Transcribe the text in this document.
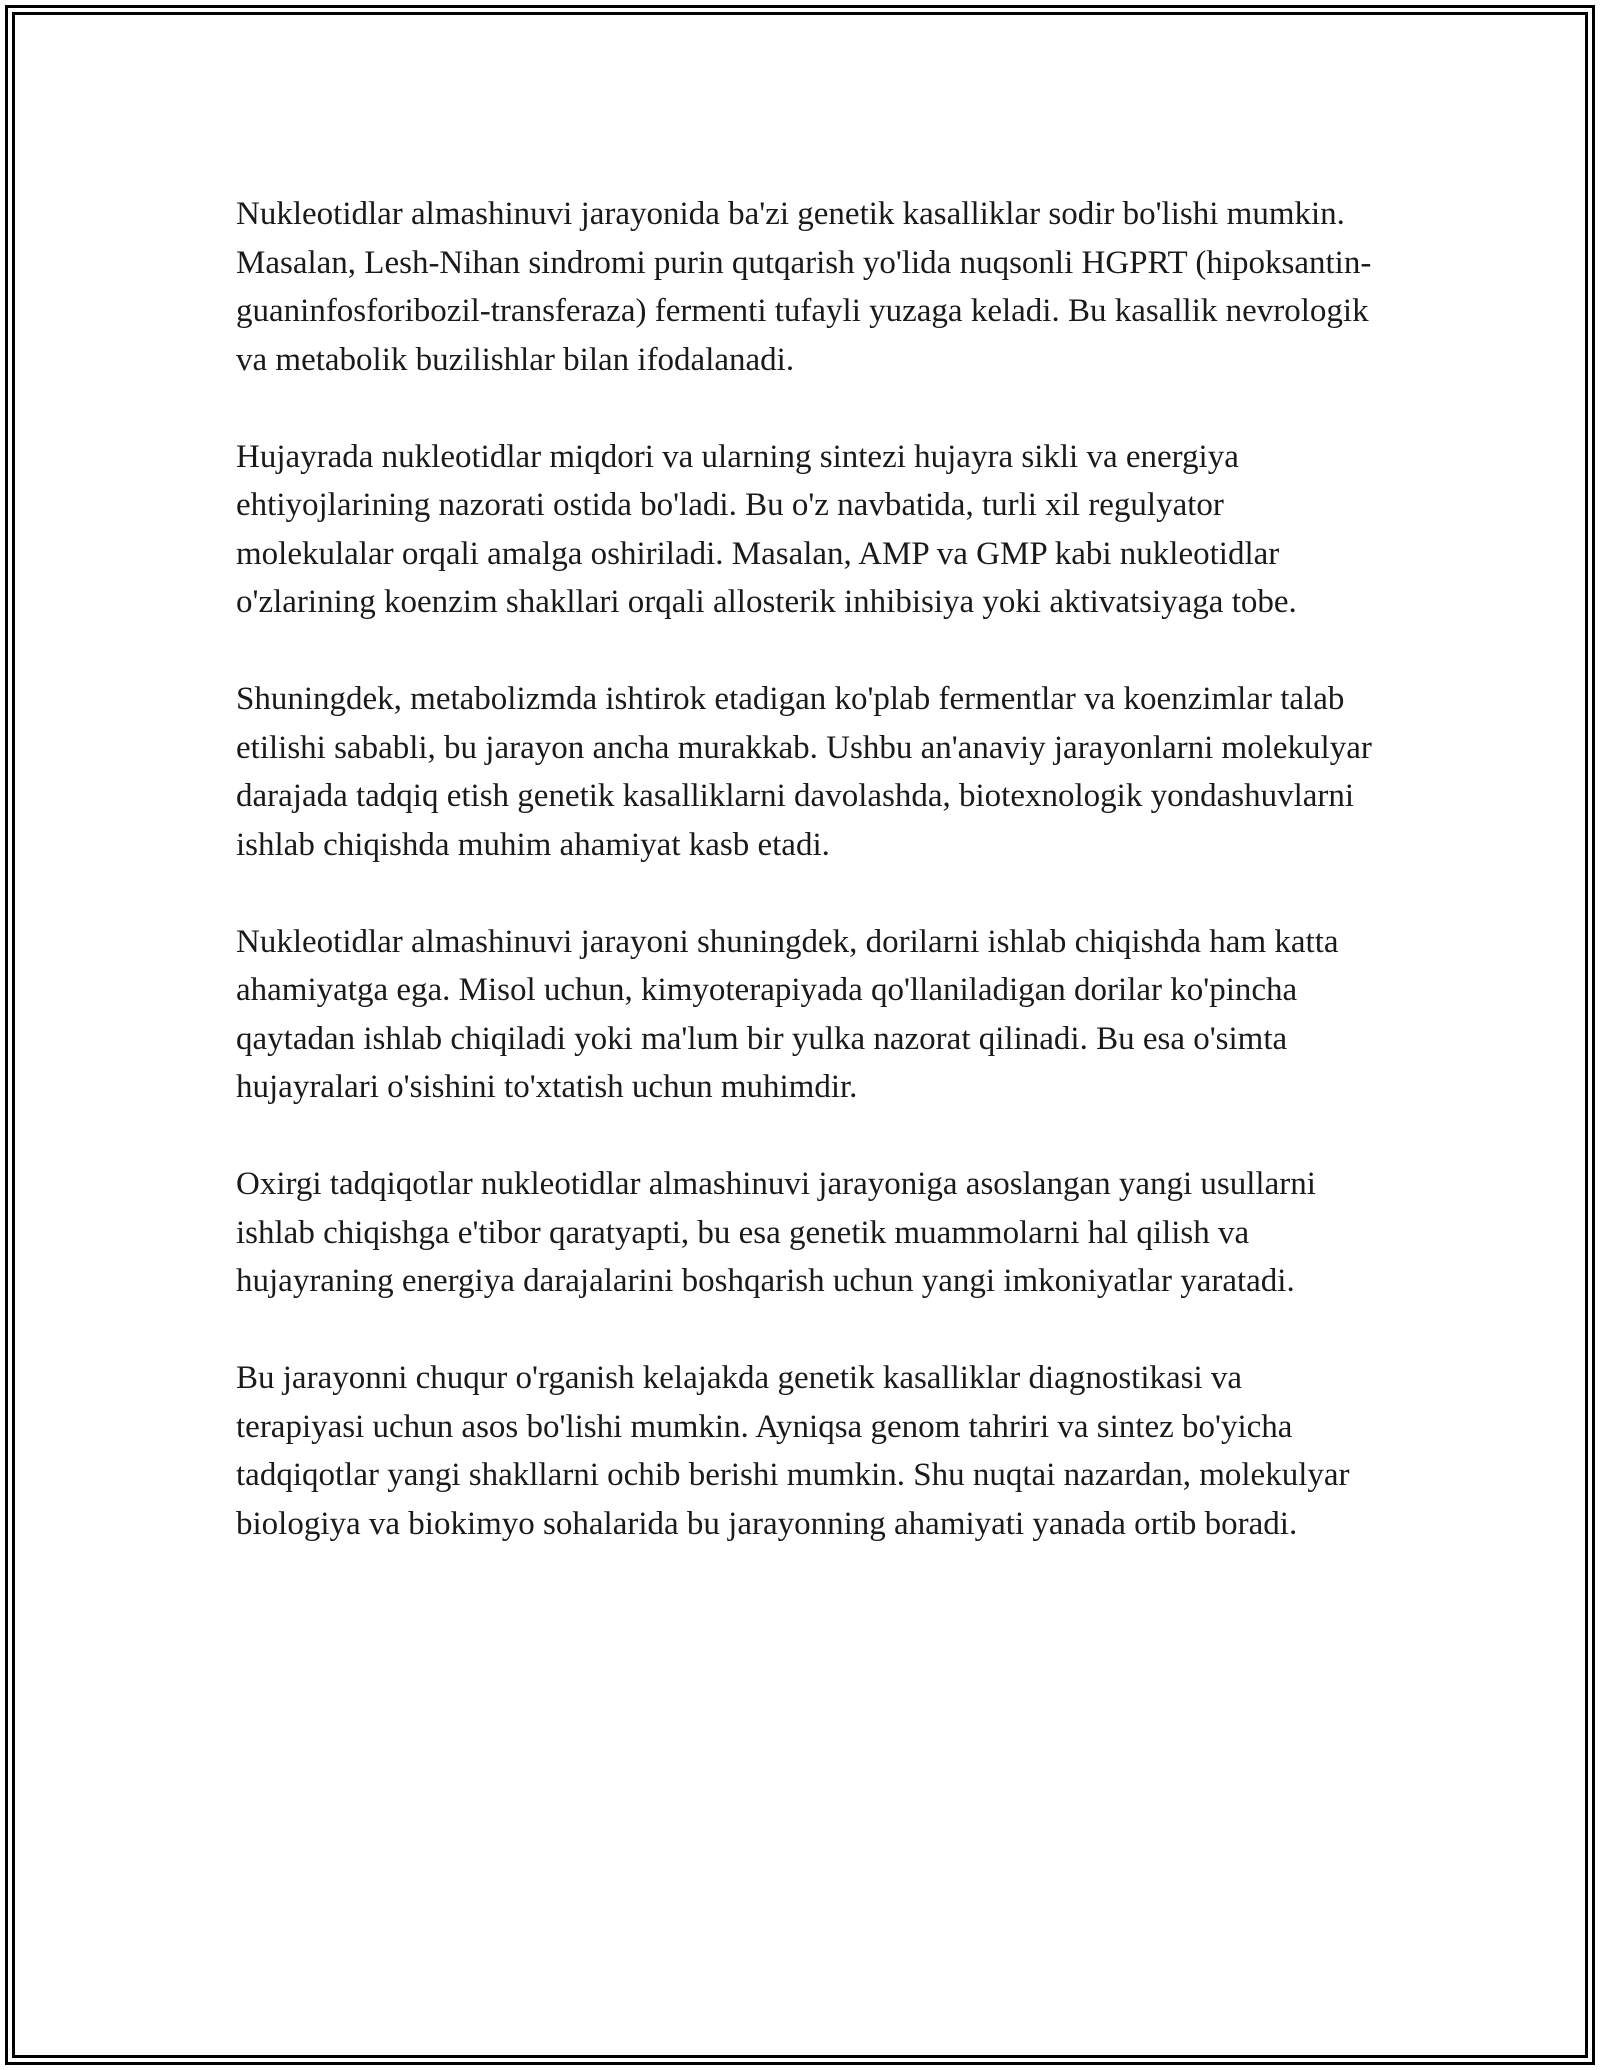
Nukleotidlar almashinuvi jarayonida ba'zi genetik kasalliklar sodir bo'lishi mumkin. Masalan, Lesh-Nihan sindromi purin qutqarish yo'lida nuqsonli HGPRT (hipoksantin-guaninfosforibozil-transferaza) fermenti tufayli yuzaga keladi. Bu kasallik nevrologik va metabolik buzilishlar bilan ifodalanadi.

Hujayrada nukleotidlar miqdori va ularning sintezi hujayra sikli va energiya ehtiyojlarining nazorati ostida bo'ladi. Bu o'z navbatida, turli xil regulyator molekulalar orqali amalga oshiriladi. Masalan, AMP va GMP kabi nukleotidlar o'zlarining koenzim shakllari orqali allosterik inhibisiya yoki aktivatsiyaga tobe.

Shuningdek, metabolizmda ishtirok etadigan ko'plab fermentlar va koenzimlar talab etilishi sababli, bu jarayon ancha murakkab. Ushbu an'anaviy jarayonlarni molekulyar darajada tadqiq etish genetik kasalliklarni davolashda, biotexnologik yondashuvlarni ishlab chiqishda muhim ahamiyat kasb etadi.

Nukleotidlar almashinuvi jarayoni shuningdek, dorilarni ishlab chiqishda ham katta ahamiyatga ega. Misol uchun, kimyoterapiyada qo'llaniladigan dorilar ko'pincha qaytadan ishlab chiqiladi yoki ma'lum bir yulka nazorat qilinadi. Bu esa o'simta hujayralari o'sishini to'xtatish uchun muhimdir.

Oxirgi tadqiqotlar nukleotidlar almashinuvi jarayoniga asoslangan yangi usullarni ishlab chiqishga e'tibor qaratyapti, bu esa genetik muammolarni hal qilish va hujayraning energiya darajalarini boshqarish uchun yangi imkoniyatlar yaratadi.

Bu jarayonni chuqur o'rganish kelajakda genetik kasalliklar diagnostikasi va terapiyasi uchun asos bo'lishi mumkin. Ayniqsa genom tahriri va sintez bo'yicha tadqiqotlar yangi shakllarni ochib berishi mumkin. Shu nuqtai nazardan, molekulyar biologiya va biokimyo sohalarida bu jarayonning ahamiyati yanada ortib boradi.
